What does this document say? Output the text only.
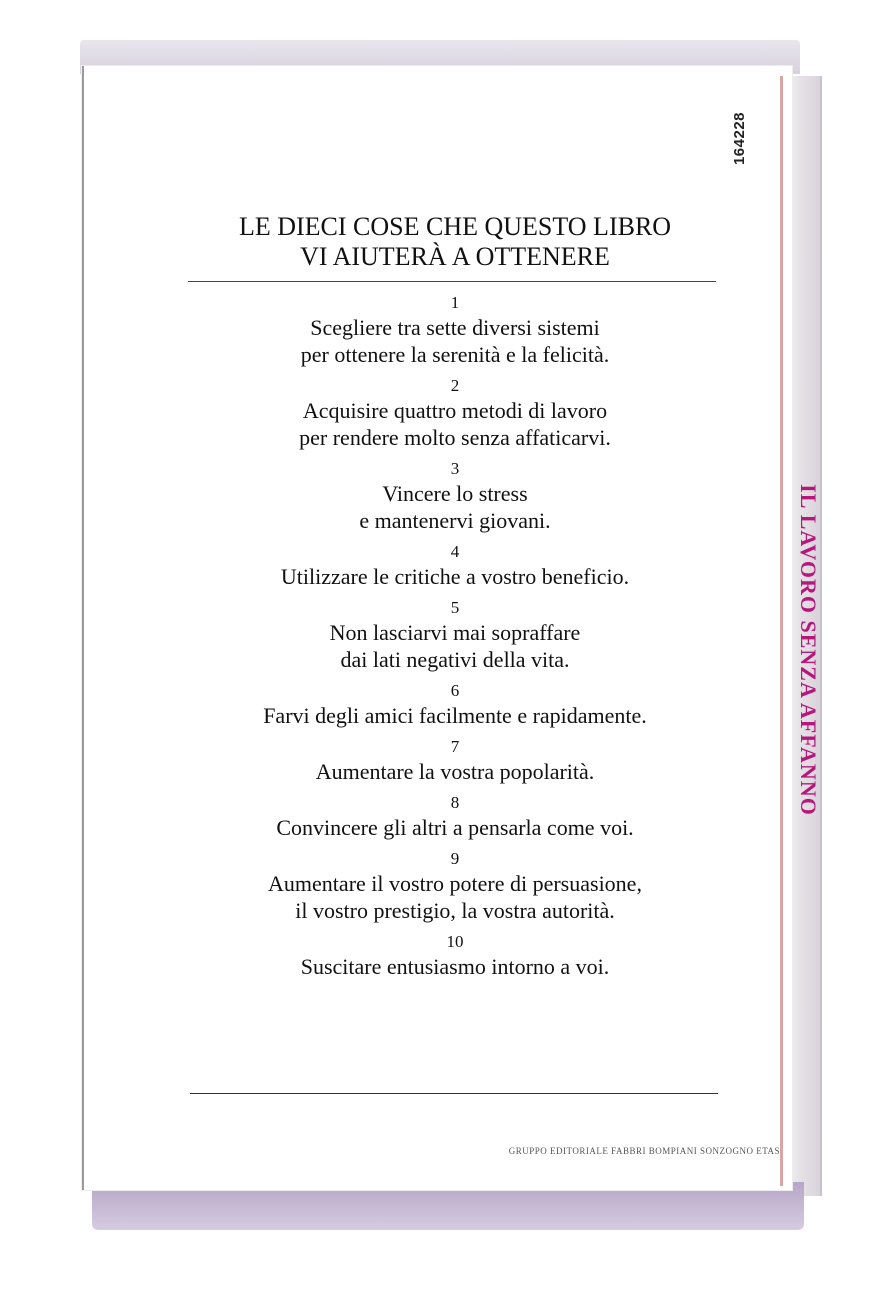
IL LAVORO SENZA AFFANNO
164228
LE DIECI COSE CHE QUESTO LIBRO
VI AIUTERÀ A OTTENERE
1
Scegliere tra sette diversi sistemi
per ottenere la serenità e la felicità.
2
Acquisire quattro metodi di lavoro
per rendere molto senza affaticarvi.
3
Vincere lo stress
e mantenervi giovani.
4
Utilizzare le critiche a vostro beneficio.
5
Non lasciarvi mai sopraffare
dai lati negativi della vita.
6
Farvi degli amici facilmente e rapidamente.
7
Aumentare la vostra popolarità.
8
Convincere gli altri a pensarla come voi.
9
Aumentare il vostro potere di persuasione,
il vostro prestigio, la vostra autorità.
10
Suscitare entusiasmo intorno a voi.
GRUPPO EDITORIALE FABBRI BOMPIANI SONZOGNO ETAS
